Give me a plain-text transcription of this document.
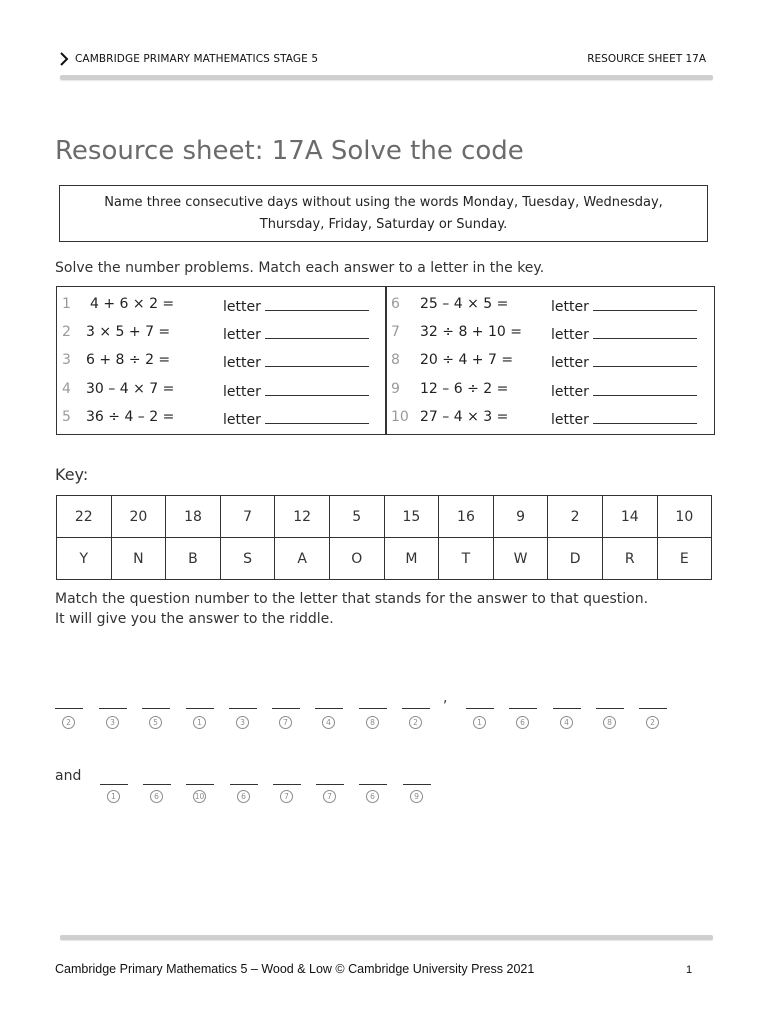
CAMBRIDGE PRIMARY MATHEMATICS STAGE 5	RESOURCE SHEET 17A
Resource sheet: 17A Solve the code
Name three consecutive days without using the words Monday, Tuesday, Wednesday,
Thursday, Friday, Saturday or Sunday.
Solve the number problems. Match each answer to a letter in the key.
1 4 + 6 × 2 =	letter
2 3 × 5 + 7 =	letter
3 6 + 8 ÷ 2 =	letter
4 30 – 4 × 7 =	letter
5 36 ÷ 4 – 2 =	letter
6 25 – 4 × 5 =	letter
7 32 ÷ 8 + 10 = letter
8 20 ÷ 4 + 7 =	letter
9 12 – 6 ÷ 2 =	letter
10 27 – 4 × 3 =	letter
Key:
22	20	18	7	12	5	15	16	9	2	14	10
Y	N	B	S	A	O	M	T	W	D	R	E
Match the question number to the letter that stands for the answer to that question.
It will give you the answer to the riddle.
2	3	5	1	3	7	4	8	2	1	6	4	8	2
1	6	10	6	7	7	6	9
,
and
Cambridge Primary Mathematics 5 – Wood & Low © Cambridge University Press 2021	1
